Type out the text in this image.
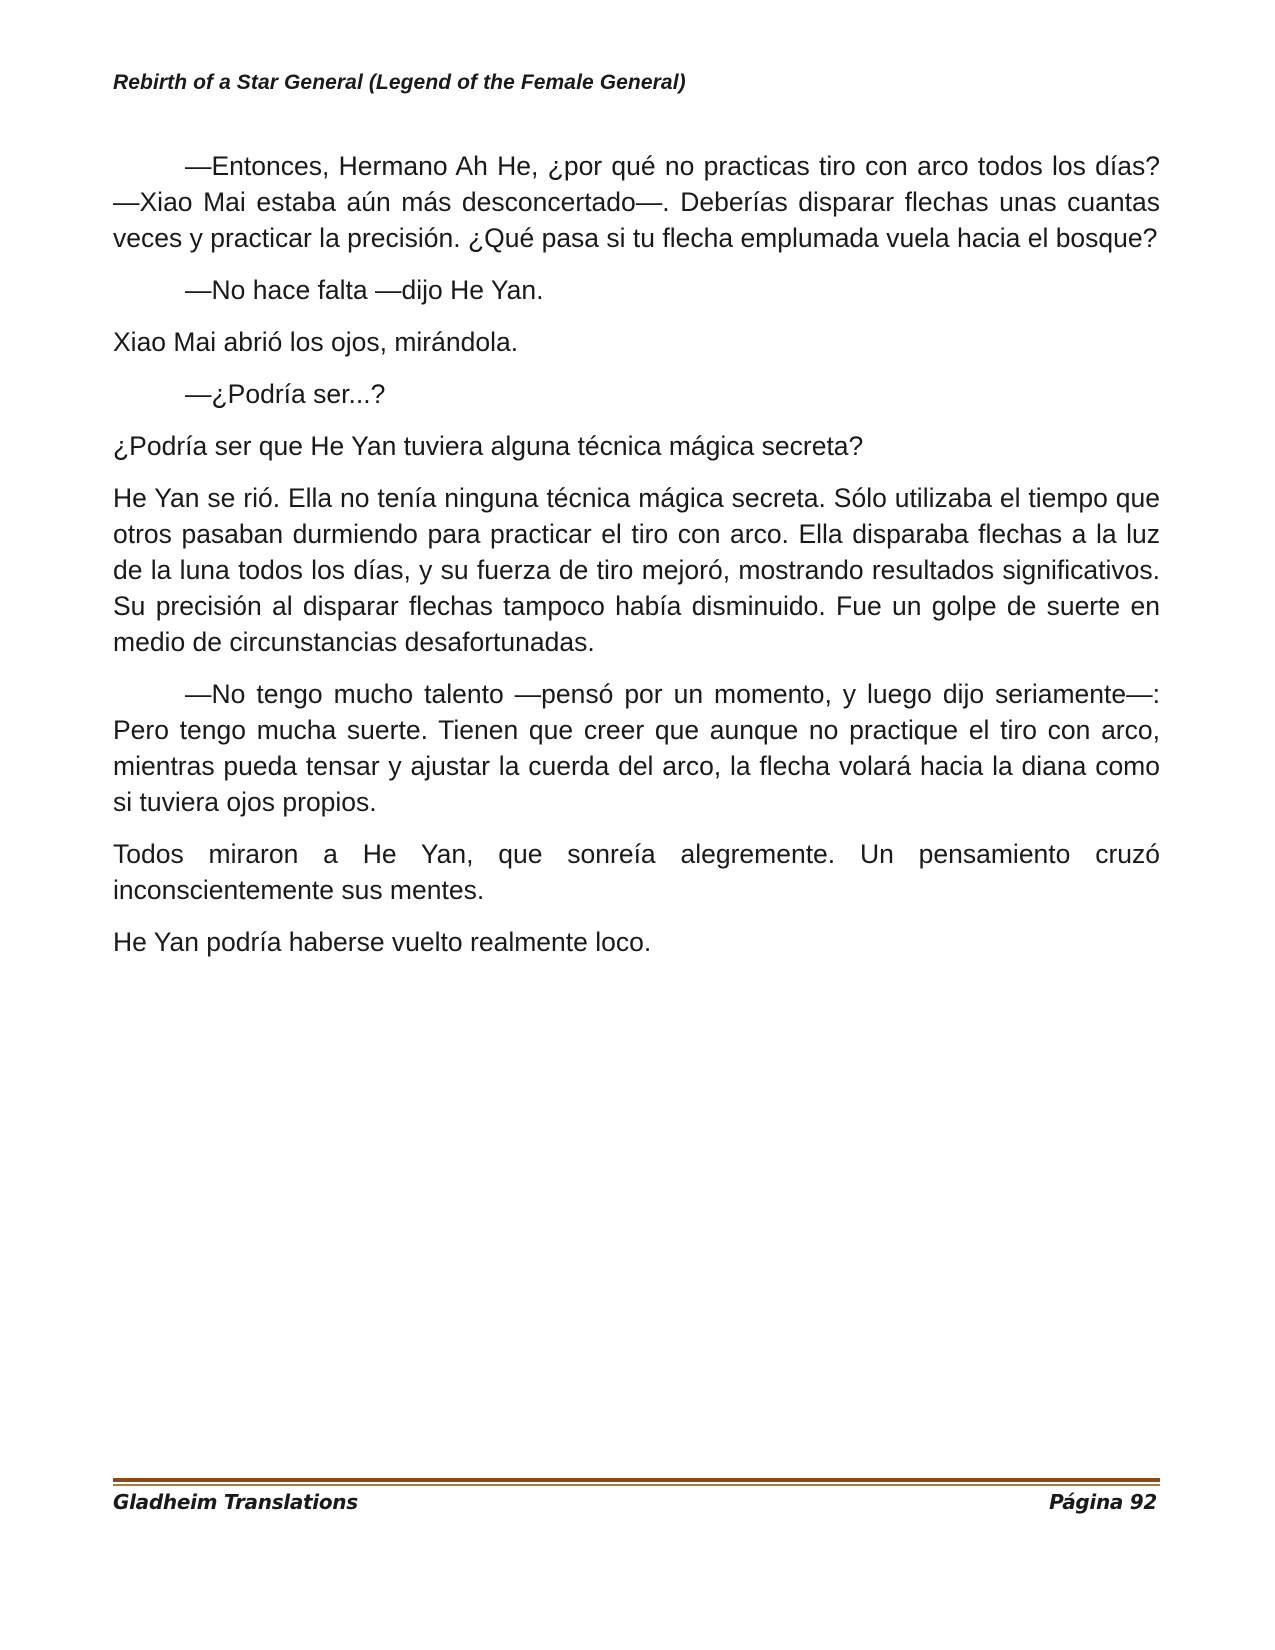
Rebirth of a Star General (Legend of the Female General)

—Entonces, Hermano Ah He, ¿por qué no practicas tiro con arco todos los días? —Xiao Mai estaba aún más desconcertado—. Deberías disparar flechas unas cuantas veces y practicar la precisión. ¿Qué pasa si tu flecha emplumada vuela hacia el bosque?

—No hace falta —dijo He Yan.

Xiao Mai abrió los ojos, mirándola.

—¿Podría ser...?

¿Podría ser que He Yan tuviera alguna técnica mágica secreta?

He Yan se rió. Ella no tenía ninguna técnica mágica secreta. Sólo utilizaba el tiempo que otros pasaban durmiendo para practicar el tiro con arco. Ella disparaba flechas a la luz de la luna todos los días, y su fuerza de tiro mejoró, mostrando resultados significativos. Su precisión al disparar flechas tampoco había disminuido. Fue un golpe de suerte en medio de circunstancias desafortunadas.

—No tengo mucho talento —pensó por un momento, y luego dijo seriamente—: Pero tengo mucha suerte. Tienen que creer que aunque no practique el tiro con arco, mientras pueda tensar y ajustar la cuerda del arco, la flecha volará hacia la diana como si tuviera ojos propios.

Todos miraron a He Yan, que sonreía alegremente. Un pensamiento cruzó inconscientemente sus mentes.

He Yan podría haberse vuelto realmente loco.

Gladheim Translations	Página 92
